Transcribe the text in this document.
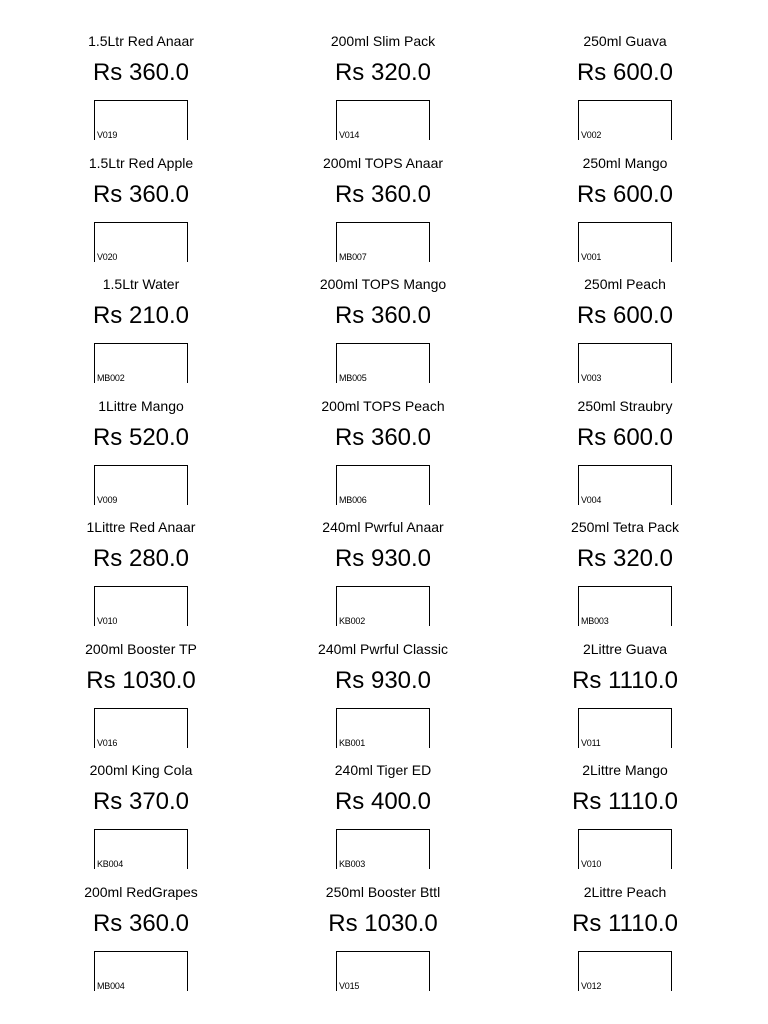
1.5Ltr Red Anaar
Rs 360.0
V019
200ml Slim Pack
Rs 320.0
V014
250ml Guava
Rs 600.0
V002
1.5Ltr Red Apple
Rs 360.0
V020
200ml TOPS Anaar
Rs 360.0
MB007
250ml Mango
Rs 600.0
V001
1.5Ltr Water
Rs 210.0
MB002
200ml TOPS Mango
Rs 360.0
MB005
250ml Peach
Rs 600.0
V003
1Littre Mango
Rs 520.0
V009
200ml TOPS Peach
Rs 360.0
MB006
250ml Straubry
Rs 600.0
V004
1Littre Red Anaar
Rs 280.0
V010
240ml Pwrful Anaar
Rs 930.0
KB002
250ml Tetra Pack
Rs 320.0
MB003
200ml Booster TP
Rs 1030.0
V016
240ml Pwrful Classic
Rs 930.0
KB001
2Littre Guava
Rs 1110.0
V011
200ml King Cola
Rs 370.0
KB004
240ml Tiger ED
Rs 400.0
KB003
2Littre Mango
Rs 1110.0
V010
200ml RedGrapes
Rs 360.0
MB004
250ml Booster Bttl
Rs 1030.0
V015
2Littre Peach
Rs 1110.0
V012
